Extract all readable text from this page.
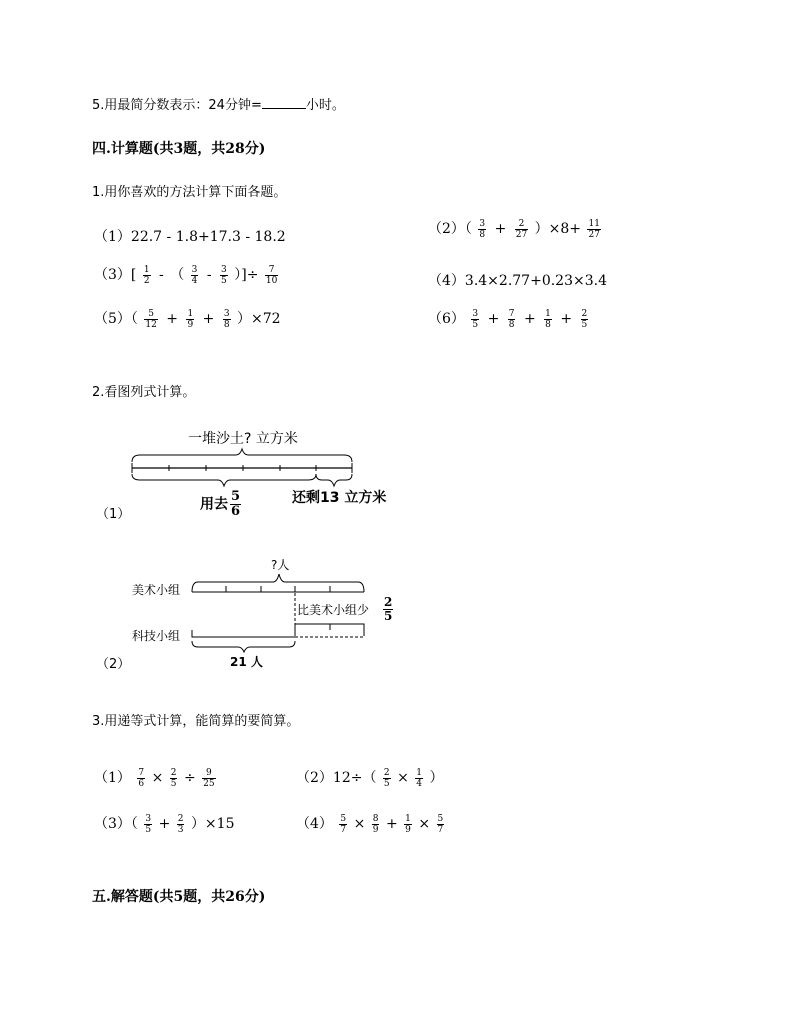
5.用最简分数表示：24分钟=	小时。
四.计算题(共3题，共28分)
1.用你喜欢的方法计算下面各题。
（1）22.7 - 1.8+17.3 - 18.2	$(2)( \frac{3}{8} + \frac{2}{27} )\times 8+ \frac{11}{27}$
$(3)[ \frac{1}{2}$ - （ $\frac{3}{4} - \frac{3}{5}$ ）]÷ $\frac{7}{10}$	（4）3.4×2.77+0.23×3.4
$(5)( \frac{5}{12} + \frac{1}{9} + \frac{3}{8} )\times 72$	$(6) \frac{3}{5} + \frac{7}{8} + \frac{1}{8} + \frac{2}{5}$
2.看图列式计算。
一堆沙土? 立方米
还剩13 立方米
用去 $\frac{5}{6}$
（1）
?人
美术小组
科技小组
比美术小组少
21 人
$\frac{2}{5}$
（2）
3.用递等式计算，能简算的要简算。
$(1) \frac{7}{6} \times \frac{2}{5} \div \frac{9}{25}$	$(2)12\div( \frac{2}{5} \times \frac{1}{4}$ ）
$(3)( \frac{3}{5} + \frac{2}{3} )\times 15$	$(4) \frac{5}{7} \times \frac{8}{9} + \frac{1}{9} \times \frac{5}{7}$
五.解答题(共5题，共26分)
